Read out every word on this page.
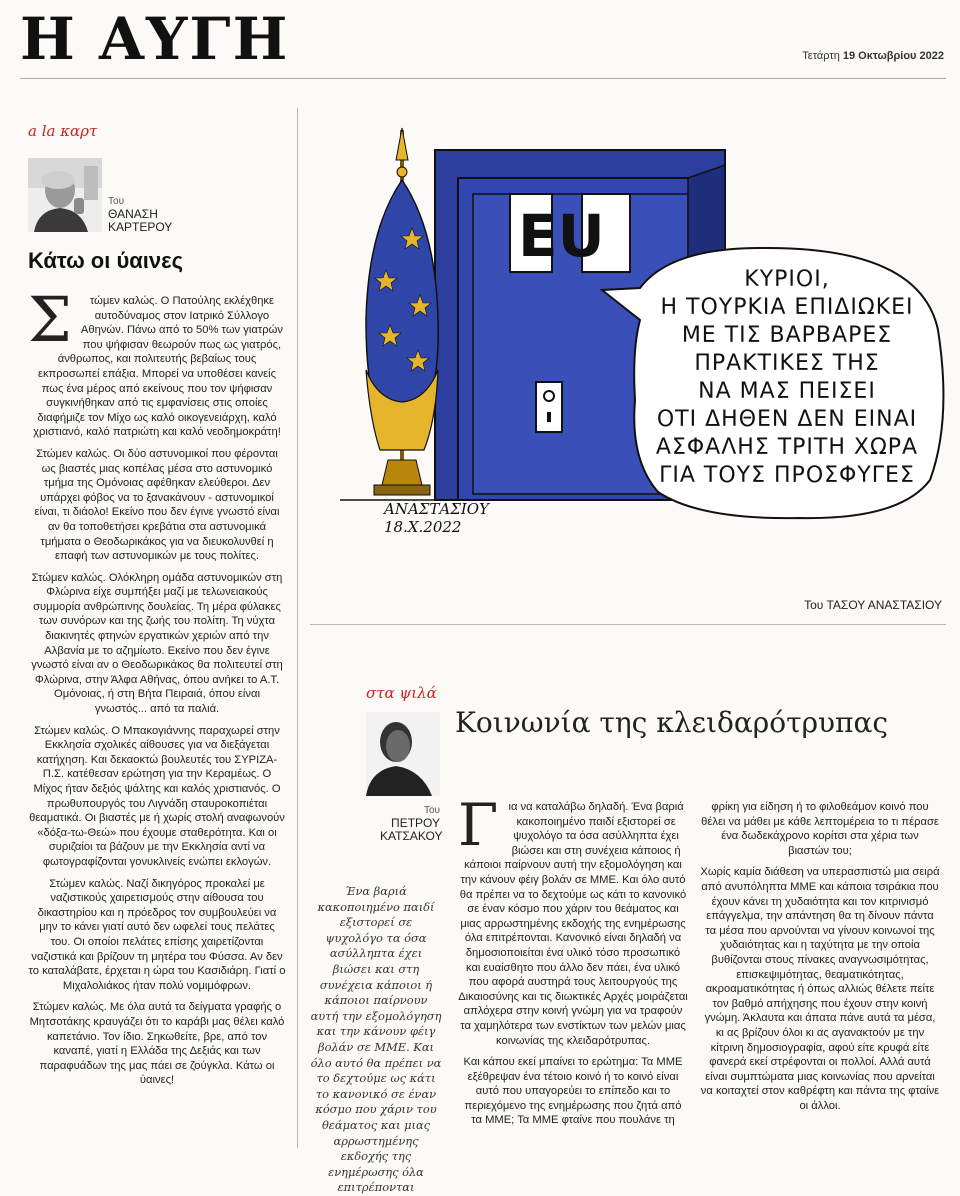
Η ΑΥΓΗ	Τετάρτη 19 Οκτωβρίου 2022
a la καρτ
Του
ΘΑΝΑΣΗ
ΚΑΡΤΕΡΟΥ
Κάτω οι ύαινες

Σ τώμεν καλώς. Ο Πατούλης εκλέχθηκε αυτοδύναμος στον Ιατρικό Σύλλογο Αθηνών. Πάνω από το 50% των γιατρών που ψήφισαν θεωρούν πως ως γιατρός, άνθρωπος, και πολιτευτής βεβαίως τους εκπροσωπεί επάξια. Μπορεί να υποθέσει κανείς πως ένα μέρος από εκείνους που τον ψήφισαν συγκινήθηκαν από τις εμφανίσεις στις οποίες διαφήμιζε τον Μίχο ως καλό οικογενειάρχη, καλό χριστιανό, καλό πατριώτη και καλό νεοδημοκράτη!

Στώμεν καλώς. Οι δύο αστυνομικοί που φέρονται ως βιαστές μιας κοπέλας μέσα στο αστυνομικό τμήμα της Ομόνοιας αφέθηκαν ελεύθεροι. Δεν υπάρχει φόβος να το ξανακάνουν - αστυνομικοί είναι, τι διάολο! Εκείνο που δεν έγινε γνωστό είναι αν θα τοποθετήσει κρεβάτια στα αστυνομικά τμήματα ο Θεοδωρικάκος για να διευκολυνθεί η επαφή των αστυνομικών με τους πολίτες.

Στώμεν καλώς. Ολόκληρη ομάδα αστυνομικών στη Φλώρινα είχε συμπήξει μαζί με τελωνειακούς συμμορία ανθρώπινης δουλείας. Τη μέρα φύλακες των συνόρων και της ζωής του πολίτη. Τη νύχτα διακινητές φτηνών εργατικών χεριών από την Αλβανία με το αζημίωτο. Εκείνο που δεν έγινε γνωστό είναι αν ο Θεοδωρικάκος θα πολιτευτεί στη Φλώρινα, στην Άλφα Αθήνας, όπου ανήκει το Α.Τ. Ομόνοιας, ή στη Βήτα Πειραιά, όπου είναι γνωστός... από τα παλιά.

Στώμεν καλώς. Ο Μπακογιάννης παραχωρεί στην Εκκλησία σχολικές αίθουσες για να διεξάγεται κατήχηση. Και δεκαοκτώ βουλευτές του ΣΥΡΙΖΑ-Π.Σ. κατέθεσαν ερώτηση για την Κεραμέως. Ο Μίχος ήταν δεξιός ψάλτης και καλός χριστιανός. Ο πρωθυπουργός του Λιγνάδη σταυροκοπιέται θεαματικά. Οι βιαστές με ή χωρίς στολή αναφωνούν «δόξα-τω-Θεώ» που έχουμε σταθερότητα. Και οι συριζαίοι τα βάζουν με την Εκκλησία αντί να φωτογραφίζονται γονυκλινείς ενώπει εκλογών.

Στώμεν καλώς. Ναζί δικηγόρος προκαλεί με ναζιστικούς χαιρετισμούς στην αίθουσα του δικαστηρίου και η πρόεδρος τον συμβουλεύει να μην το κάνει γιατί αυτό δεν ωφελεί τους πελάτες του. Οι οποίοι πελάτες επίσης χαιρετίζονται ναζιστικά και βρίζουν τη μητέρα του Φύσσα. Αν δεν το καταλάβατε, έρχεται η ώρα του Κασιδιάρη. Γιατί ο Μιχαλολιάκος ήταν πολύ νομιμόφρων.

Στώμεν καλώς. Με όλα αυτά τα δείγματα γραφής ο Μητσοτάκης κραυγάζει ότι το καράβι μας θέλει καλό καπετάνιο. Τον ίδιο. Σηκωθείτε, βρε, από τον καναπέ, γιατί η Ελλάδα της Δεξιάς και των παραφυάδων της μας πάει σε ζούγκλα. Κάτω οι ύαινες!

EU
ΚΥΡΙΟΙ,
Η ΤΟΥΡΚΙΑ ΕΠΙΔΙΩΚΕΙ
ΜΕ ΤΙΣ ΒΑΡΒΑΡΕΣ
ΠΡΑΚΤΙΚΕΣ ΤΗΣ
ΝΑ ΜΑΣ ΠΕΙΣΕΙ
ΟΤΙ ΔΗΘΕΝ ΔΕΝ ΕΙΝΑΙ
ΑΣΦΑΛΗΣ ΤΡΙΤΗ ΧΩΡΑ
ΓΙΑ ΤΟΥΣ ΠΡΟΣΦΥΓΕΣ
ΑΝΑΣΤΑΣΙΟΥ
18.X.2022
Του ΤΑΣΟΥ ΑΝΑΣΤΑΣΙΟΥ
στα ψιλά
Κοινωνία της κλειδαρότρυπας
Του
ΠΕΤΡΟΥ
ΚΑΤΣΑΚΟΥ
Ένα βαριά κακοποιημένο παιδί εξιστορεί σε ψυχολόγο τα όσα ασύλληπτα έχει βιώσει και στη συνέχεια κάποιοι ή κάποιοι παίρνουν αυτή την εξομολόγηση και την κάνουν φέιγ βολάν σε ΜΜΕ. Και όλο αυτό θα πρέπει να το δεχτούμε ως κάτι το κανονικό σε έναν κόσμο που χάριν του θεάματος και μιας αρρωστημένης εκδοχής της ενημέρωσης όλα επιτρέπονται

Για να καταλάβω δηλαδή. Ένα βαριά κακοποιημένο παιδί εξιστορεί σε ψυχολόγο τα όσα ασύλληπτα έχει βιώσει και στη συνέχεια κάποιος ή κάποιοι παίρνουν αυτή την εξομολόγηση και την κάνουν φέιγ βολάν σε ΜΜΕ. Και όλο αυτό θα πρέπει να το δεχτούμε ως κάτι το κανονικό σε έναν κόσμο που χάριν του θεάματος και μιας αρρωστημένης εκδοχής της ενημέρωσης όλα επιτρέπονται. Κανονικό είναι δηλαδή να δημοσιοποιείται ένα υλικό τόσο προσωπικό και ευαίσθητο που άλλο δεν πάει, ένα υλικό που αφορά αυστηρά τους λειτουργούς της Δικαιοσύνης και τις διωκτικές Αρχές μοιράζεται απλόχερα στην κοινή γνώμη για να τραφούν τα χαμηλότερα των ενστίκτων των μελών μιας κοινωνίας της κλειδαρότρυπας.

Και κάπου εκεί μπαίνει το ερώτημα: Τα ΜΜΕ εξέθρεψαν ένα τέτοιο κοινό ή το κοινό είναι αυτό που υπαγορεύει το επίπεδο και το περιεχόμενο της ενημέρωσης που ζητά από τα ΜΜΕ; Τα ΜΜΕ φταίνε που πουλάνε τη

φρίκη για είδηση ή το φιλοθεάμον κοινό που θέλει να μάθει με κάθε λεπτομέρεια το τι πέρασε ένα δωδεκάχρονο κορίτσι στα χέρια των βιαστών του;

Χωρίς καμία διάθεση να υπερασπιστώ μια σειρά από ανυπόληπτα ΜΜΕ και κάποια τσιράκια που έχουν κάνει τη χυδαιότητα και τον κιτρινισμό επάγγελμα, την απάντηση θα τη δίνουν πάντα τα μέσα που αρνούνται να γίνουν κοινωνοί της χυδαιότητας και η ταχύτητα με την οποία βυθίζονται στους πίνακες αναγνωσιμότητας, επισκεψιμότητας, θεαματικότητας, ακροαματικότητας ή όπως αλλιώς θέλετε πείτε τον βαθμό απήχησης που έχουν στην κοινή γνώμη. Άκλαυτα και άπατα πάνε αυτά τα μέσα, κι ας βρίζουν όλοι κι ας αγανακτούν με την κίτρινη δημοσιογραφία, αφού είτε κρυφά είτε φανερά εκεί στρέφονται οι πολλοί. Αλλά αυτά είναι συμπτώματα μιας κοινωνίας που αρνείται να κοιταχτεί στον καθρέφτη και πάντα της φταίνε οι άλλοι.
